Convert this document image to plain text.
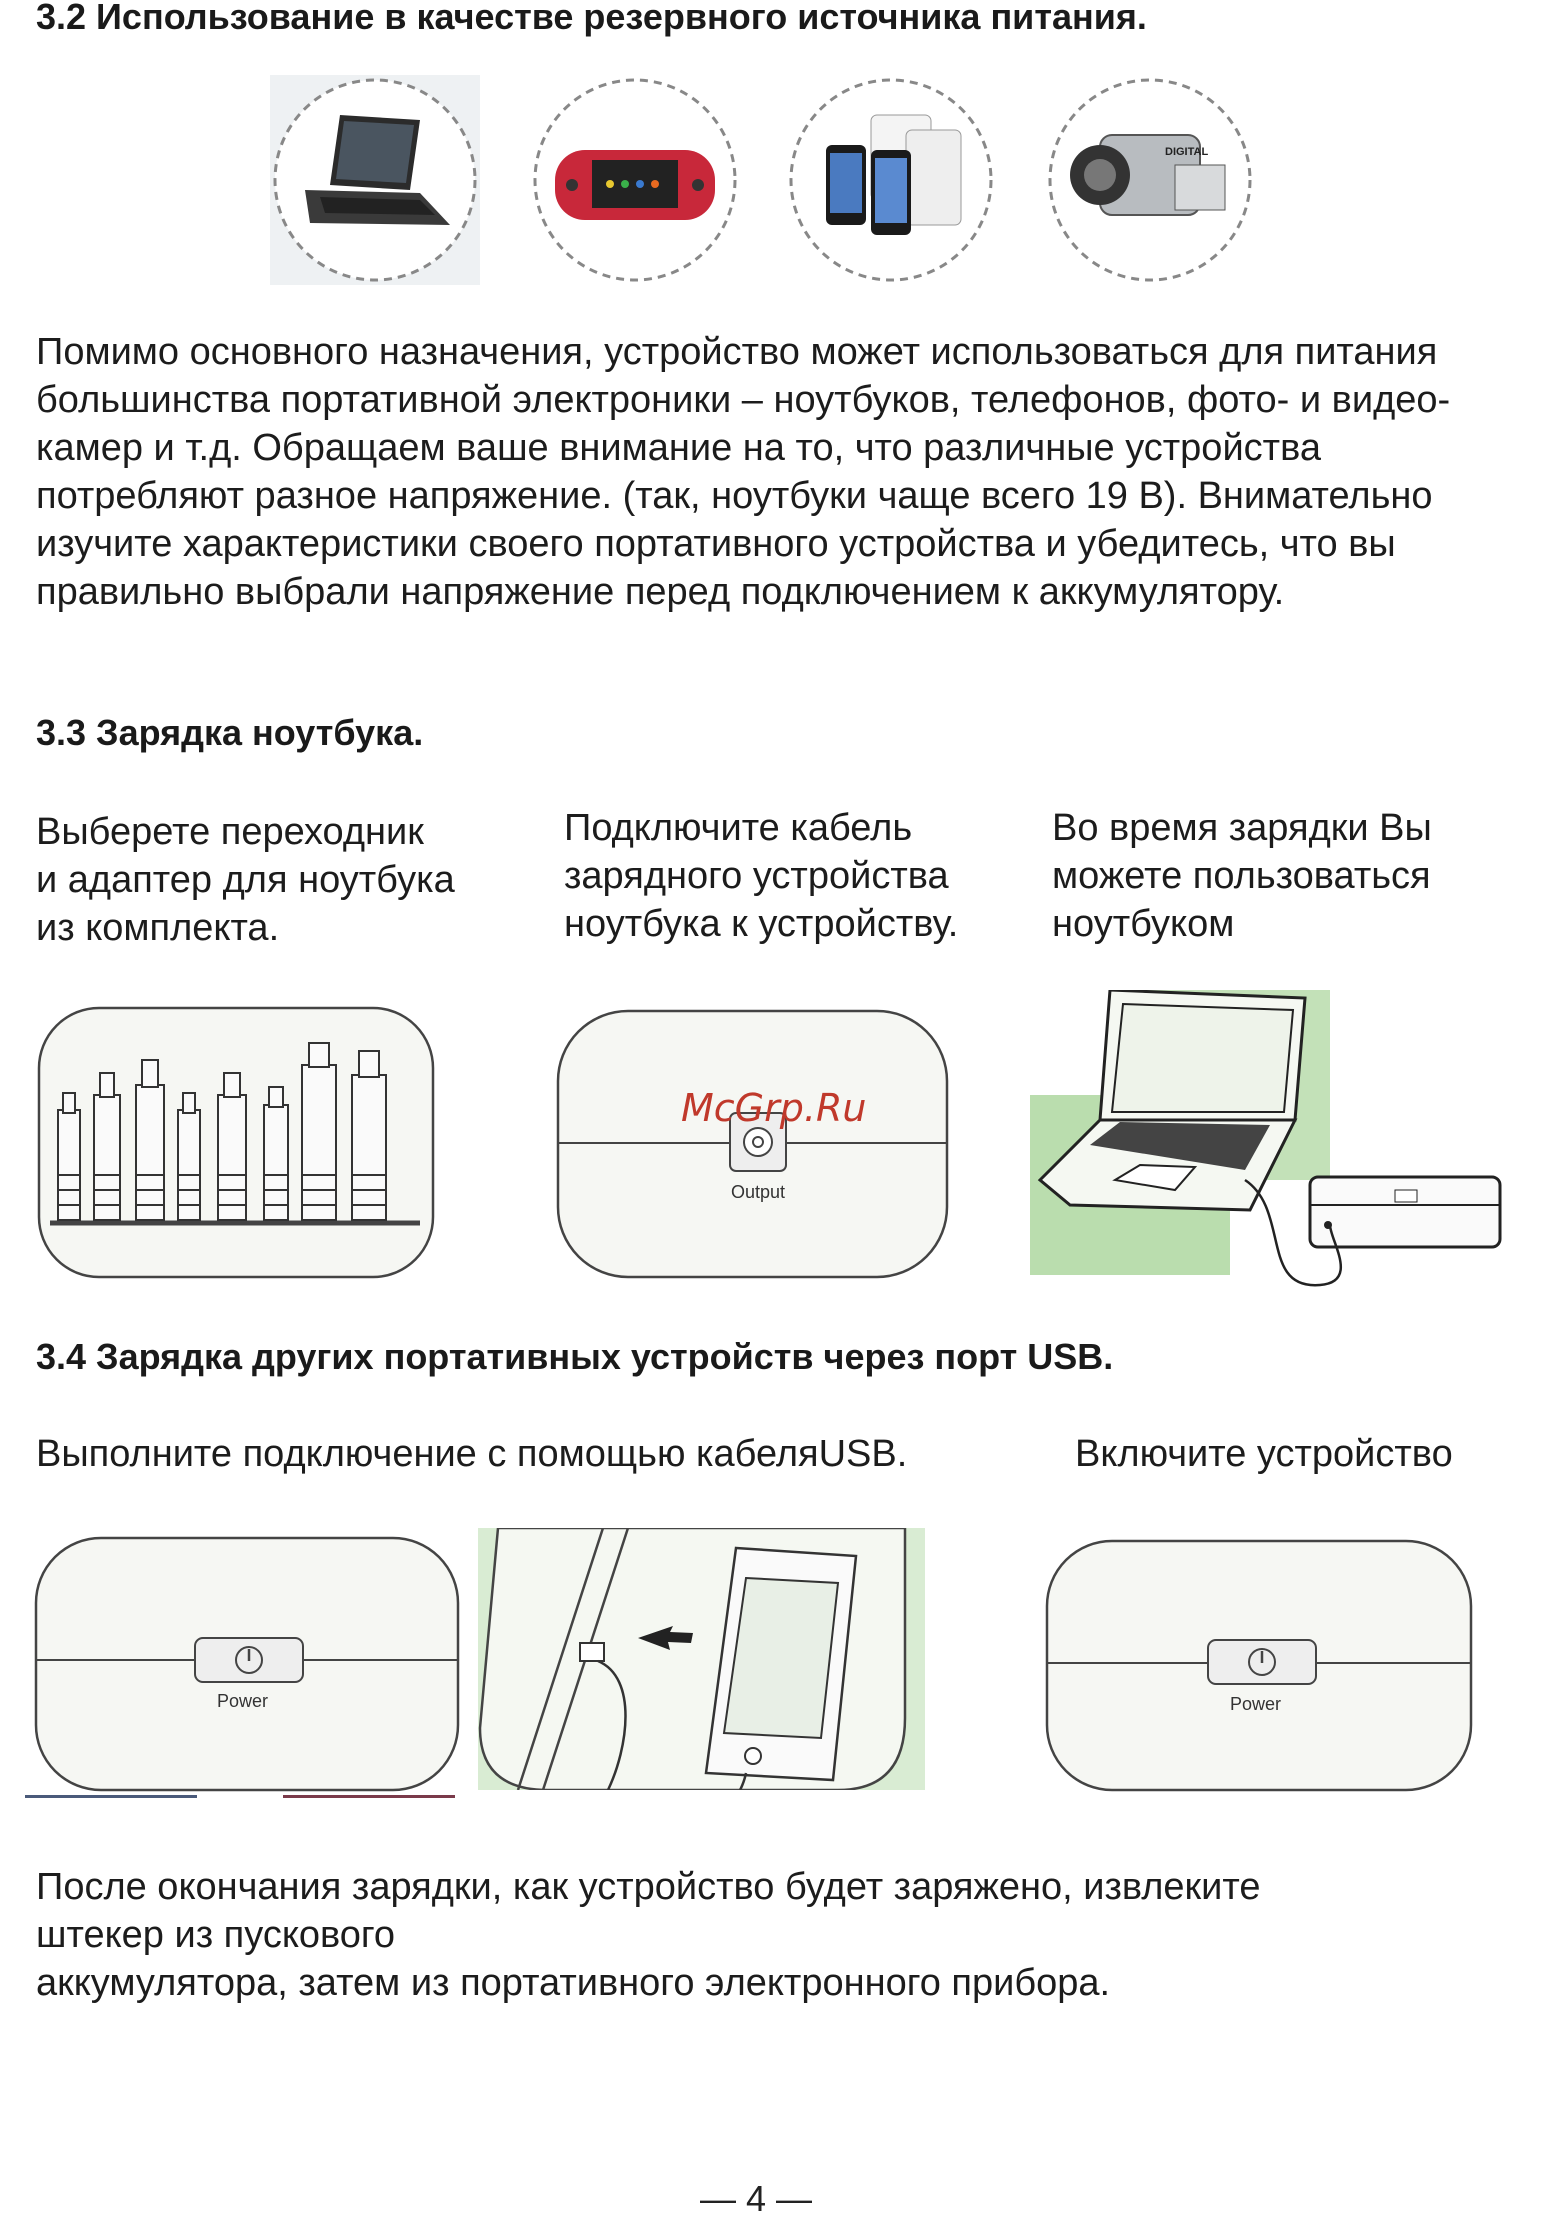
3.2 Использование в качестве резервного источника питания.
DIGITAL
Помимо основного назначения, устройство может использоваться для питания большинства портативной электроники – ноутбуков, телефонов, фото- и видео-камер и т.д. Обращаем ваше внимание на то, что различные устройства потребляют разное напряжение. (так, ноутбуки чаще всего 19 В). Внимательно изучите характеристики своего портативного устройства и убедитесь, что вы правильно выбрали напряжение перед подключением к аккумулятору.
3.3 Зарядка ноутбука.
Выберете переходник
и адаптер для ноутбука
из комплекта.
Подключите кабель
зарядного устройства
ноутбука к устройству.
Во время зарядки Вы
можете пользоваться
ноутбуком
Output
McGrp.Ru
3.4 Зарядка других портативных устройств через порт USB.
Выполните подключение с помощью кабеляUSB.	Включите устройство
Power	Power
После окончания зарядки, как устройство будет заряжено, извлеките
штекер из пускового
аккумулятора, затем из портативного электронного прибора.
— 4 —
